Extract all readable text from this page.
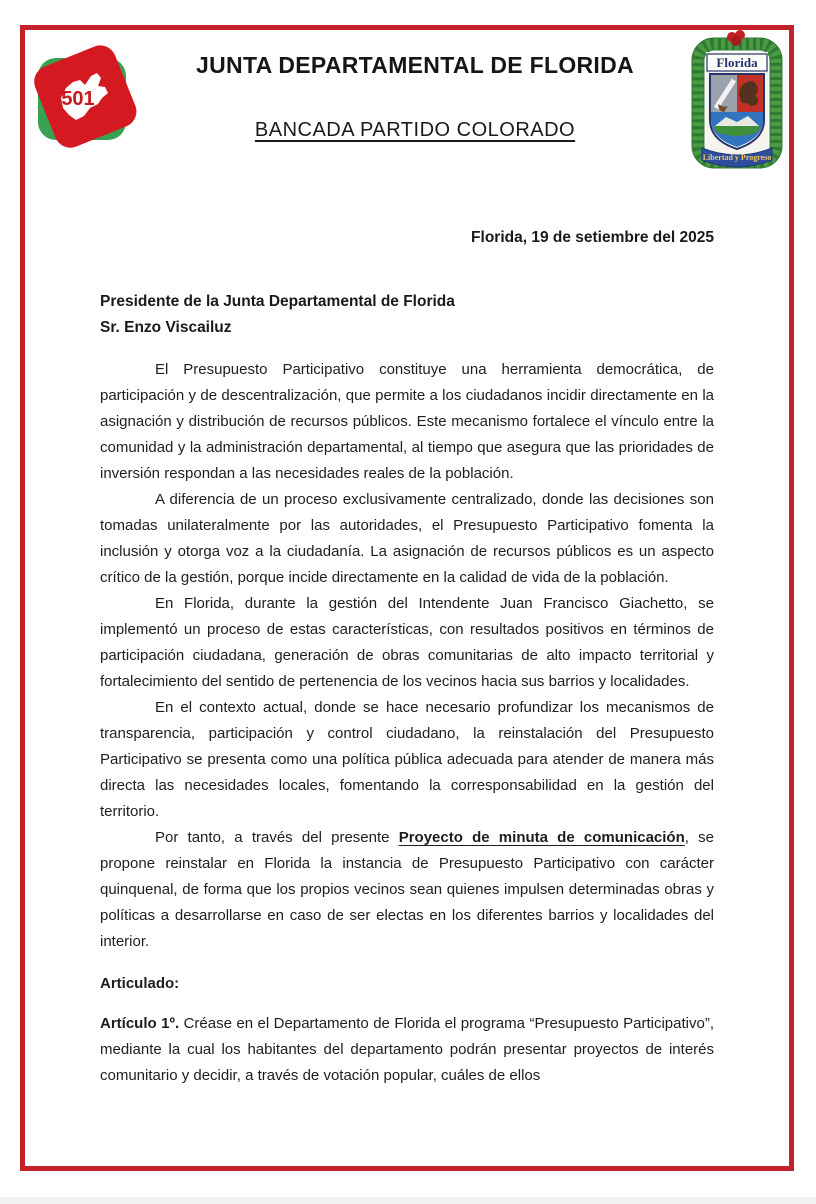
501
JUNTA DEPARTAMENTAL DE FLORIDA
BANCADA PARTIDO COLORADO
Florida
Libertad y Progreso
Florida, 19 de setiembre del 2025
Presidente de la Junta Departamental de Florida
Sr. Enzo Viscailuz

El Presupuesto Participativo constituye una herramienta democrática, de participación y de descentralización, que permite a los ciudadanos incidir directamente en la asignación y distribución de recursos públicos. Este mecanismo fortalece el vínculo entre la comunidad y la administración departamental, al tiempo que asegura que las prioridades de inversión respondan a las necesidades reales de la población.

A diferencia de un proceso exclusivamente centralizado, donde las decisiones son tomadas unilateralmente por las autoridades, el Presupuesto Participativo fomenta la inclusión y otorga voz a la ciudadanía. La asignación de recursos públicos es un aspecto crítico de la gestión, porque incide directamente en la calidad de vida de la población.

En Florida, durante la gestión del Intendente Juan Francisco Giachetto, se implementó un proceso de estas características, con resultados positivos en términos de participación ciudadana, generación de obras comunitarias de alto impacto territorial y fortalecimiento del sentido de pertenencia de los vecinos hacia sus barrios y localidades.

En el contexto actual, donde se hace necesario profundizar los mecanismos de transparencia, participación y control ciudadano, la reinstalación del Presupuesto Participativo se presenta como una política pública adecuada para atender de manera más directa las necesidades locales, fomentando la corresponsabilidad en la gestión del territorio.

Por tanto, a través del presente Proyecto de minuta de comunicación, se propone reinstalar en Florida la instancia de Presupuesto Participativo con carácter quinquenal, de forma que los propios vecinos sean quienes impulsen determinadas obras y políticas a desarrollarse en caso de ser electas en los diferentes barrios y localidades del interior.

Articulado:

Artículo 1º. Créase en el Departamento de Florida el programa “Presupuesto Participativo”, mediante la cual los habitantes del departamento podrán presentar proyectos de interés comunitario y decidir, a través de votación popular, cuáles de ellos
